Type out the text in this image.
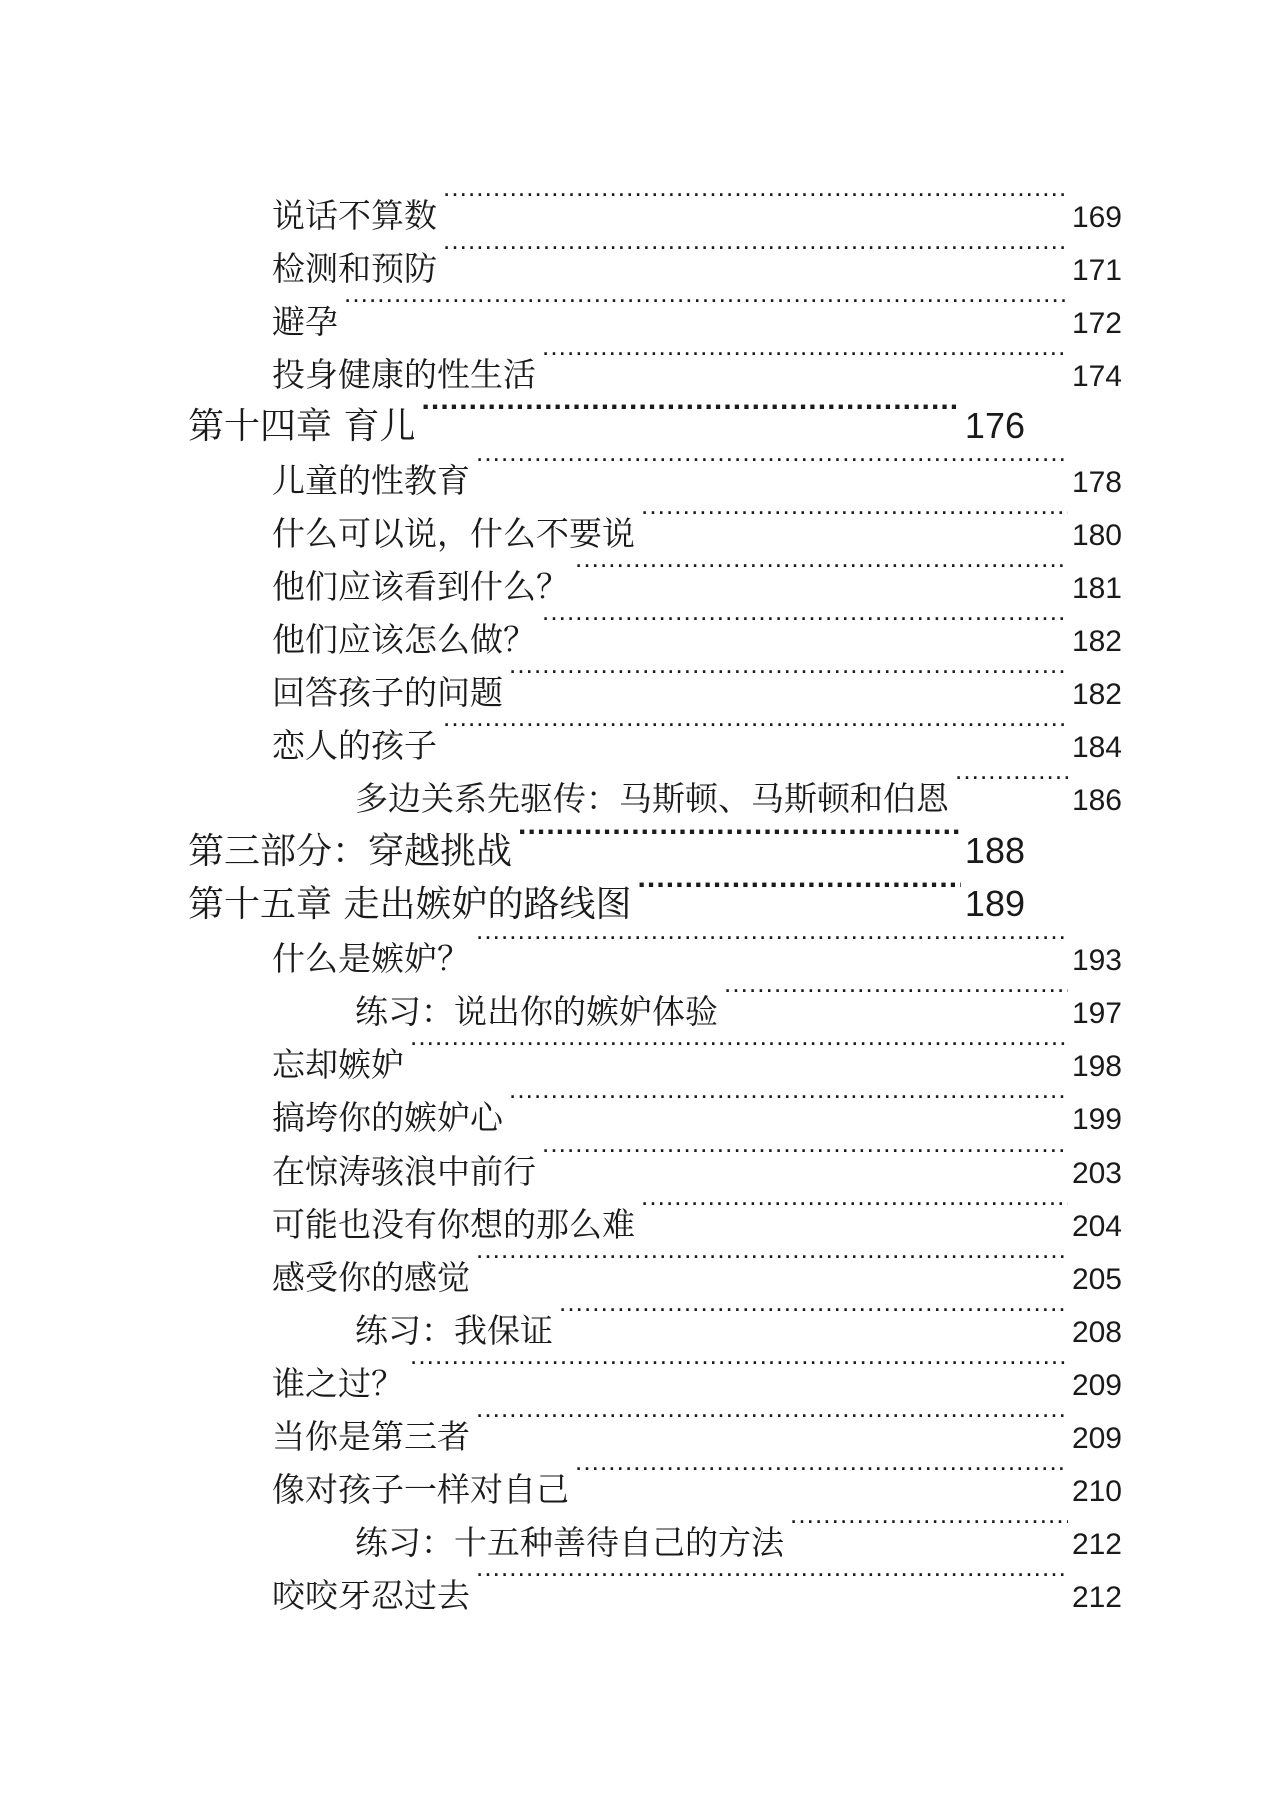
说话不算数 .....	169
检测和预防 .....	171
避孕 .....	172
投身健康的性生活 .....	174
第十四章 育儿 .....	176
儿童的性教育 .....	178
什么可以说，什么不要说 .....	180
他们应该看到什么？ .....	181
他们应该怎么做？ .....	182
回答孩子的问题 .....	182
恋人的孩子 .....	184
多边关系先驱传：马斯顿、马斯顿和伯恩 .....	186
第三部分：穿越挑战 .....	188
第十五章 走出嫉妒的路线图 .....	189
什么是嫉妒？ .....	193
练习：说出你的嫉妒体验 .....	197
忘却嫉妒 .....	198
搞垮你的嫉妒心 .....	199
在惊涛骇浪中前行 .....	203
可能也没有你想的那么难 .....	204
感受你的感觉 .....	205
练习：我保证 .....	208
谁之过？ .....	209
当你是第三者 .....	209
像对孩子一样对自己 .....	210
练习：十五种善待自己的方法 .....	212
咬咬牙忍过去 .....	212
